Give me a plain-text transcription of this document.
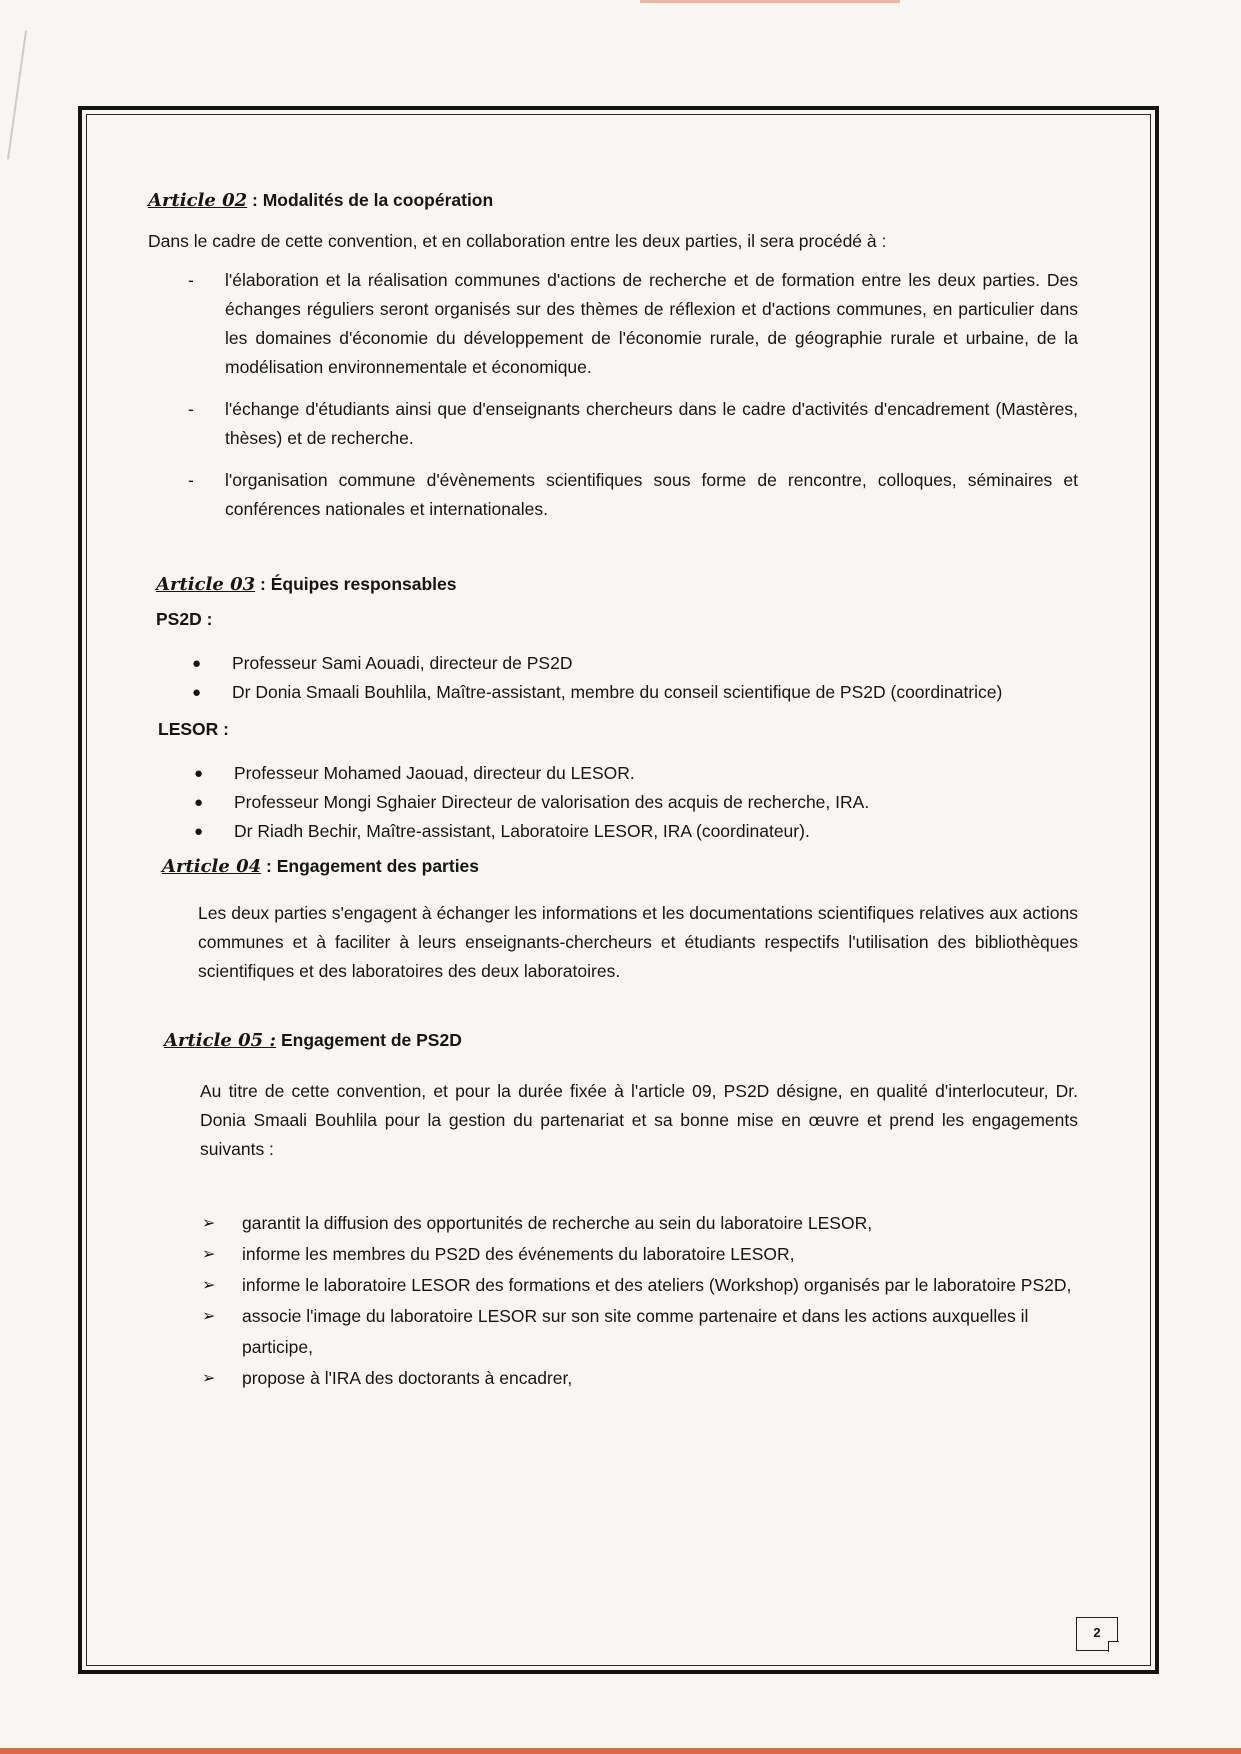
Article 02 : Modalités de la coopération

Dans le cadre de cette convention, et en collaboration entre les deux parties, il sera procédé à :

- l'élaboration et la réalisation communes d'actions de recherche et de formation entre les deux parties. Des échanges réguliers seront organisés sur des thèmes de réflexion et d'actions communes, en particulier dans les domaines d'économie du développement de l'économie rurale, de géographie rurale et urbaine, de la modélisation environnementale et économique.
- l'échange d'étudiants ainsi que d'enseignants chercheurs dans le cadre d'activités d'encadrement (Mastères, thèses) et de recherche.
- l'organisation commune d'évènements scientifiques sous forme de rencontre, colloques, séminaires et conférences nationales et internationales.

Article 03 : Équipes responsables

PS2D :

● Professeur Sami Aouadi, directeur de PS2D
● Dr Donia Smaali Bouhlila, Maître-assistant, membre du conseil scientifique de PS2D (coordinatrice)

LESOR :

● Professeur Mohamed Jaouad, directeur du LESOR.
● Professeur Mongi Sghaier Directeur de valorisation des acquis de recherche, IRA.
● Dr Riadh Bechir, Maître-assistant, Laboratoire LESOR, IRA (coordinateur).

Article 04 : Engagement des parties

Les deux parties s'engagent à échanger les informations et les documentations scientifiques relatives aux actions communes et à faciliter à leurs enseignants-chercheurs et étudiants respectifs l'utilisation des bibliothèques scientifiques et des laboratoires des deux laboratoires.

Article 05 : Engagement de PS2D

Au titre de cette convention, et pour la durée fixée à l'article 09, PS2D désigne, en qualité d'interlocuteur, Dr. Donia Smaali Bouhlila pour la gestion du partenariat et sa bonne mise en œuvre et prend les engagements suivants :

➢ garantit la diffusion des opportunités de recherche au sein du laboratoire LESOR,
➢ informe les membres du PS2D des événements du laboratoire LESOR,
➢ informe le laboratoire LESOR des formations et des ateliers (Workshop) organisés par le laboratoire PS2D,
➢ associe l'image du laboratoire LESOR sur son site comme partenaire et dans les actions auxquelles il participe,
➢ propose à l'IRA des doctorants à encadrer,
2
